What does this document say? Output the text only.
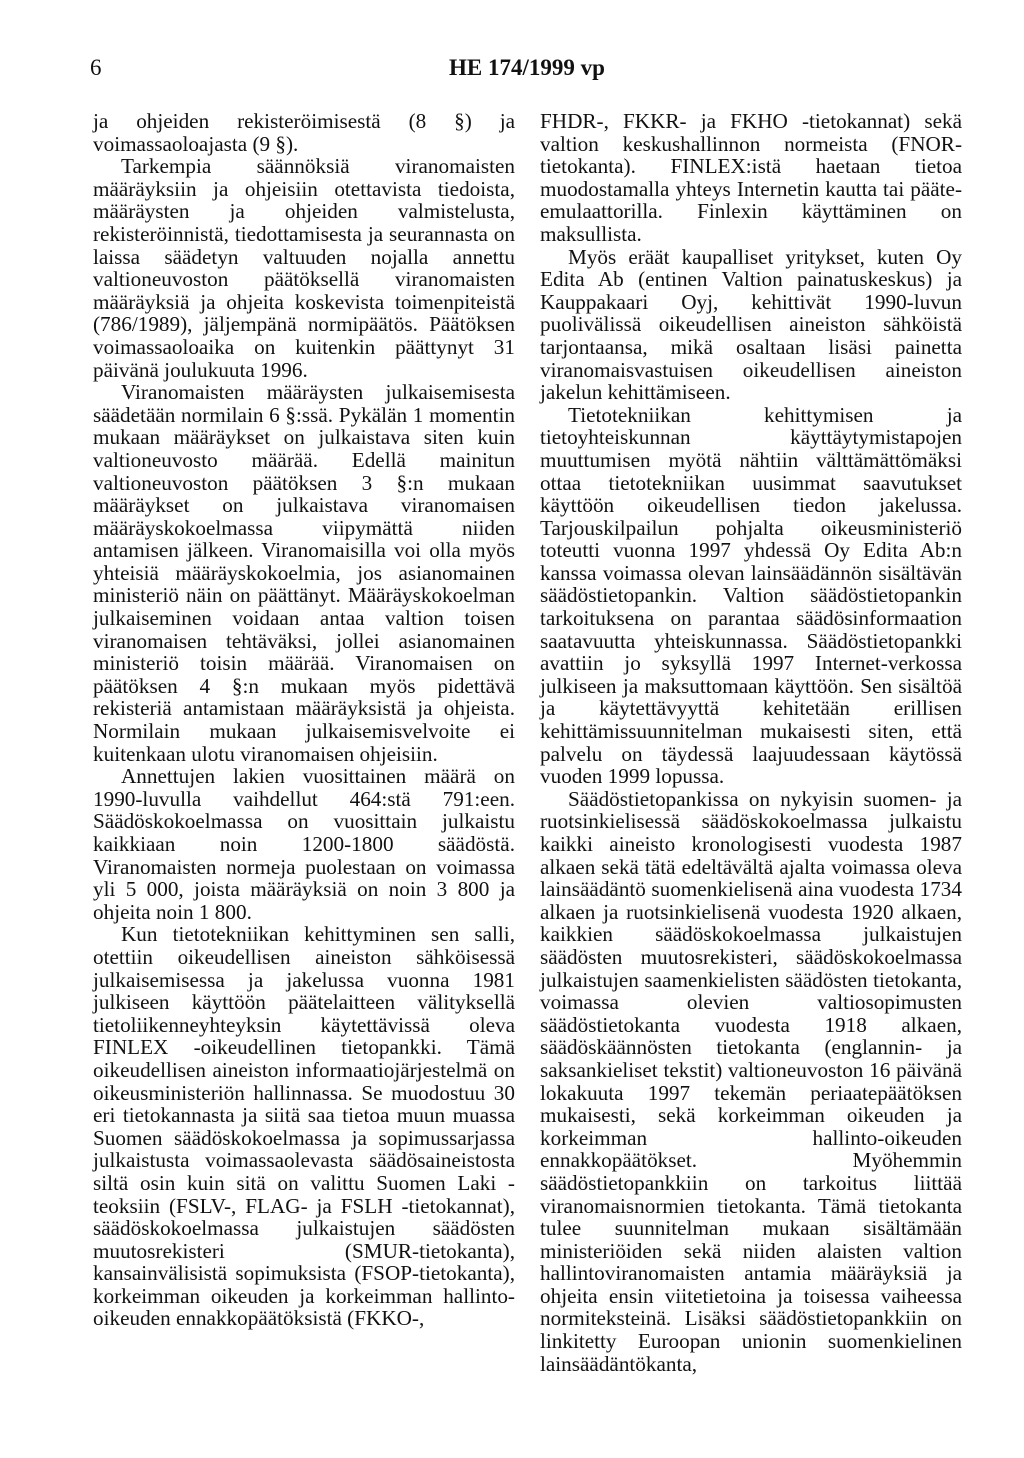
6	HE 174/1999 vp

ja ohjeiden rekisteröimisestä (8 §) ja voimassaoloajasta (9 §).

Tarkempia säännöksiä viranomaisten määräyksiin ja ohjeisiin otettavista tiedoista, määräysten ja ohjeiden valmistelusta, rekisteröinnistä, tiedottamisesta ja seurannasta on laissa säädetyn valtuuden nojalla annettu valtioneuvoston päätöksellä viranomaisten määräyksiä ja ohjeita koskevista toimenpiteistä (786/1989), jäljempänä normipäätös. Päätöksen voimassaoloaika on kuitenkin päättynyt 31 päivänä joulukuuta 1996.

Viranomaisten määräysten julkaisemisesta säädetään normilain 6 §:ssä. Pykälän 1 momentin mukaan määräykset on julkaistava siten kuin valtioneuvosto määrää. Edellä mainitun valtioneuvoston päätöksen 3 §:n mukaan määräykset on julkaistava viranomaisen määräyskokoelmassa viipymättä niiden antamisen jälkeen. Viranomaisilla voi olla myös yhteisiä määräyskokoelmia, jos asianomainen ministeriö näin on päättänyt. Määräyskokoelman julkaiseminen voidaan antaa valtion toisen viranomaisen tehtäväksi, jollei asianomainen ministeriö toisin määrää. Viranomaisen on päätöksen 4 §:n mukaan myös pidettävä rekisteriä antamistaan määräyksistä ja ohjeista. Normilain mukaan julkaisemisvelvoite ei kuitenkaan ulotu viranomaisen ohjeisiin.

Annettujen lakien vuosittainen määrä on 1990-luvulla vaihdellut 464:stä 791:een. Säädöskokoelmassa on vuosittain julkaistu kaikkiaan noin 1200-1800 säädöstä. Viranomaisten normeja puolestaan on voimassa yli 5 000, joista määräyksiä on noin 3 800 ja ohjeita noin 1 800.

Kun tietotekniikan kehittyminen sen salli, otettiin oikeudellisen aineiston sähköisessä julkaisemisessa ja jakelussa vuonna 1981 julkiseen käyttöön päätelaitteen välityksellä tietoliikenneyhteyksin käytettävissä oleva FINLEX -oikeudellinen tietopankki. Tämä oikeudellisen aineiston informaatiojärjestelmä on oikeusministeriön hallinnassa. Se muodostuu 30 eri tietokannasta ja siitä saa tietoa muun muassa Suomen säädöskokoelmassa ja sopimussarjassa julkaistusta voimassaolevasta säädösaineistosta siltä osin kuin sitä on valittu Suomen Laki -teoksiin (FSLV-, FLAG- ja FSLH -tietokannat), säädöskokoelmassa julkaistujen säädösten muutosrekisteri (SMUR-tietokanta), kansainvälisistä sopimuksista (FSOP-tietokanta), korkeimman oikeuden ja korkeimman hallinto-oikeuden ennakkopäätöksistä (FKKO-,

FHDR-, FKKR- ja FKHO -tietokannat) sekä valtion keskushallinnon normeista (FNOR-tietokanta). FINLEX:istä haetaan tietoa muodostamalla yhteys Internetin kautta tai pääte-emulaattorilla. Finlexin käyttäminen on maksullista.

Myös eräät kaupalliset yritykset, kuten Oy Edita Ab (entinen Valtion painatuskeskus) ja Kauppakaari Oyj, kehittivät 1990-luvun puolivälissä oikeudellisen aineiston sähköistä tarjontaansa, mikä osaltaan lisäsi painetta viranomaisvastuisen oikeudellisen aineiston jakelun kehittämiseen.

Tietotekniikan kehittymisen ja tietoyhteiskunnan käyttäytymistapojen muuttumisen myötä nähtiin välttämättömäksi ottaa tietotekniikan uusimmat saavutukset käyttöön oikeudellisen tiedon jakelussa. Tarjouskilpailun pohjalta oikeusministeriö toteutti vuonna 1997 yhdessä Oy Edita Ab:n kanssa voimassa olevan lainsäädännön sisältävän säädöstietopankin. Valtion säädöstietopankin tarkoituksena on parantaa säädösinformaation saatavuutta yhteiskunnassa. Säädöstietopankki avattiin jo syksyllä 1997 Internet-verkossa julkiseen ja maksuttomaan käyttöön. Sen sisältöä ja käytettävyyttä kehitetään erillisen kehittämissuunnitelman mukaisesti siten, että palvelu on täydessä laajuudessaan käytössä vuoden 1999 lopussa.

Säädöstietopankissa on nykyisin suomen- ja ruotsinkielisessä säädöskokoelmassa julkaistu kaikki aineisto kronologisesti vuodesta 1987 alkaen sekä tätä edeltävältä ajalta voimassa oleva lainsäädäntö suomenkielisenä aina vuodesta 1734 alkaen ja ruotsinkielisenä vuodesta 1920 alkaen, kaikkien säädöskokoelmassa julkaistujen säädösten muutosrekisteri, säädöskokoelmassa julkaistujen saamenkielisten säädösten tietokanta, voimassa olevien valtiosopimusten säädöstietokanta vuodesta 1918 alkaen, säädöskäännösten tietokanta (englannin- ja saksankieliset tekstit) valtioneuvoston 16 päivänä lokakuuta 1997 tekemän periaatepäätöksen mukaisesti, sekä korkeimman oikeuden ja korkeimman hallinto-oikeuden ennakkopäätökset. Myöhemmin säädöstietopankkiin on tarkoitus liittää viranomaisnormien tietokanta. Tämä tietokanta tulee suunnitelman mukaan sisältämään ministeriöiden sekä niiden alaisten valtion hallintoviranomaisten antamia määräyksiä ja ohjeita ensin viitetietoina ja toisessa vaiheessa normiteksteinä. Lisäksi säädöstietopankkiin on linkitetty Euroopan unionin suomenkielinen lainsäädäntökanta,
